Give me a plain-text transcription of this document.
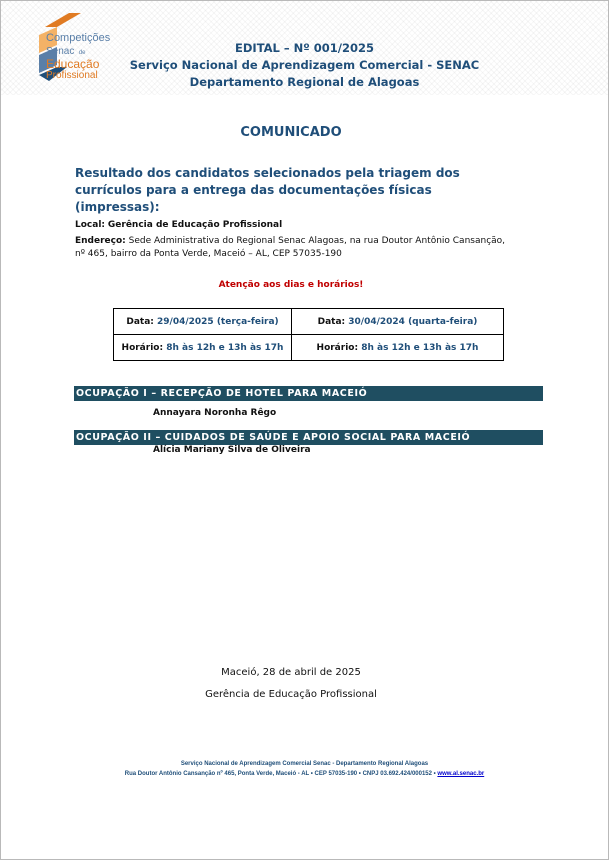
Competições
Senac de
Educação
Profissional
EDITAL – Nº 001/2025
Serviço Nacional de Aprendizagem Comercial - SENAC
Departamento Regional de Alagoas
COMUNICADO
Resultado dos candidatos selecionados pela triagem dos currículos para a entrega das documentações físicas (impressas):
Local: Gerência de Educação Profissional
Endereço: Sede Administrativa do Regional Senac Alagoas, na rua Doutor Antônio Cansanção, nº 465, bairro da Ponta Verde, Maceió – AL, CEP 57035-190
Atenção aos dias e horários!
Data: 29/04/2025 (terça-feira)	Data: 30/04/2024 (quarta-feira)
Horário: 8h às 12h e 13h às 17h	Horário: 8h às 12h e 13h às 17h
OCUPAÇÃO I – RECEPÇÃO DE HOTEL PARA MACEIÓ
Annayara Noronha Rêgo
OCUPAÇÃO II – CUIDADOS DE SAÚDE E APOIO SOCIAL PARA MACEIÓ
Alícia Mariany Silva de Oliveira
Maceió, 28 de abril de 2025
Gerência de Educação Profissional
Serviço Nacional de Aprendizagem Comercial Senac - Departamento Regional Alagoas
Rua Doutor Antônio Cansanção nº 465, Ponta Verde, Maceió - AL • CEP 57035-190 • CNPJ 03.692.424/000152 • www.al.senac.br
